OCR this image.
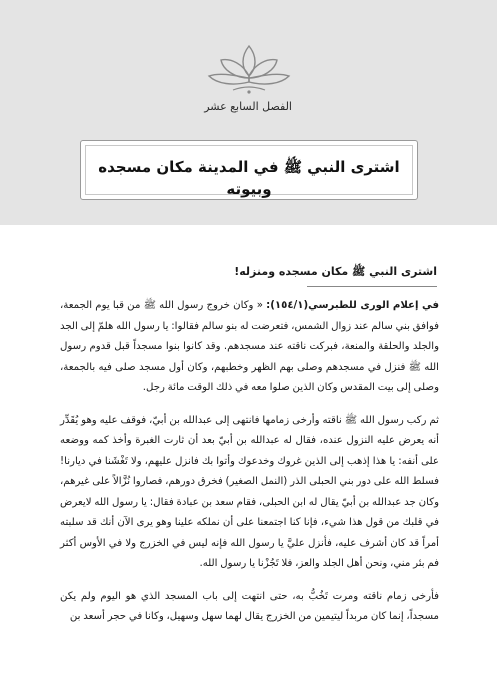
الفصل السابع عشر
اشترى النبي ﷺ في المدينة مكان مسجده وبيوته
اشترى النبي ﷺ مكان مسجده ومنزله!

في إعلام الورى للطبرسي(١٥٤/١): « وكان خروج رسول الله ﷺ من قبا يوم الجمعة، فوافق بني سالم عند زوال الشمس، فتعرضت له بنو سالم فقالوا: يا رسول الله هلمّ إلى الجد والجلد والحلقة والمنعة، فبركت ناقته عند مسجدهم. وقد كانوا بنوا مسجداً قبل قدوم رسول الله ﷺ فنزل في مسجدهم وصلى بهم الظهر وخطبهم، وكان أول مسجد صلى فيه بالجمعة، وصلى إلى بيت المقدس وكان الذين صلوا معه في ذلك الوقت مائة رجل.

ثم ركب رسول الله ﷺ ناقته وأرخى زمامها فانتهى إلى عبدالله بن أبيّ، فوقف عليه وهو يُقَدِّر أنه يعرض عليه النزول عنده، فقال له عبدالله بن أبيّ بعد أن ثارت الغبرة وأخذ كمه ووضعه على أنفه: يا هذا إذهب إلى الذين غروك وخدعوك وأتوا بك فانزل عليهم، ولا تَغْشَنا في ديارنا! فسلط الله على دور بني الحبلى الذر (النمل الصغير) فخرق دورهم، فصاروا نُزَّالاً على غيرهم، وكان جد عبدالله بن أبيّ يقال له ابن الحبلى، فقام سعد بن عبادة فقال: يا رسول الله لايعرض في قلبك من قول هذا شيء، فإنا كنا اجتمعنا على أن نملكه علينا وهو يرى الآن أنك قد سلبته أمراً قد كان أشرف عليه، فأنزل عليَّ يا رسول الله فإنه ليس في الخزرج ولا في الأوس أكثر فم بئر مني، ونحن أهل الجلد والعز، فلا تَجُزْنا يا رسول الله.

فأرخى زمام ناقته ومرت تَخُبُّ به، حتى انتهت إلى باب المسجد الذي هو اليوم ولم يكن مسجداً، إنما كان مربداً ليتيمين من الخزرج يقال لهما سهل وسهيل، وكانا في حجر أسعد بن
